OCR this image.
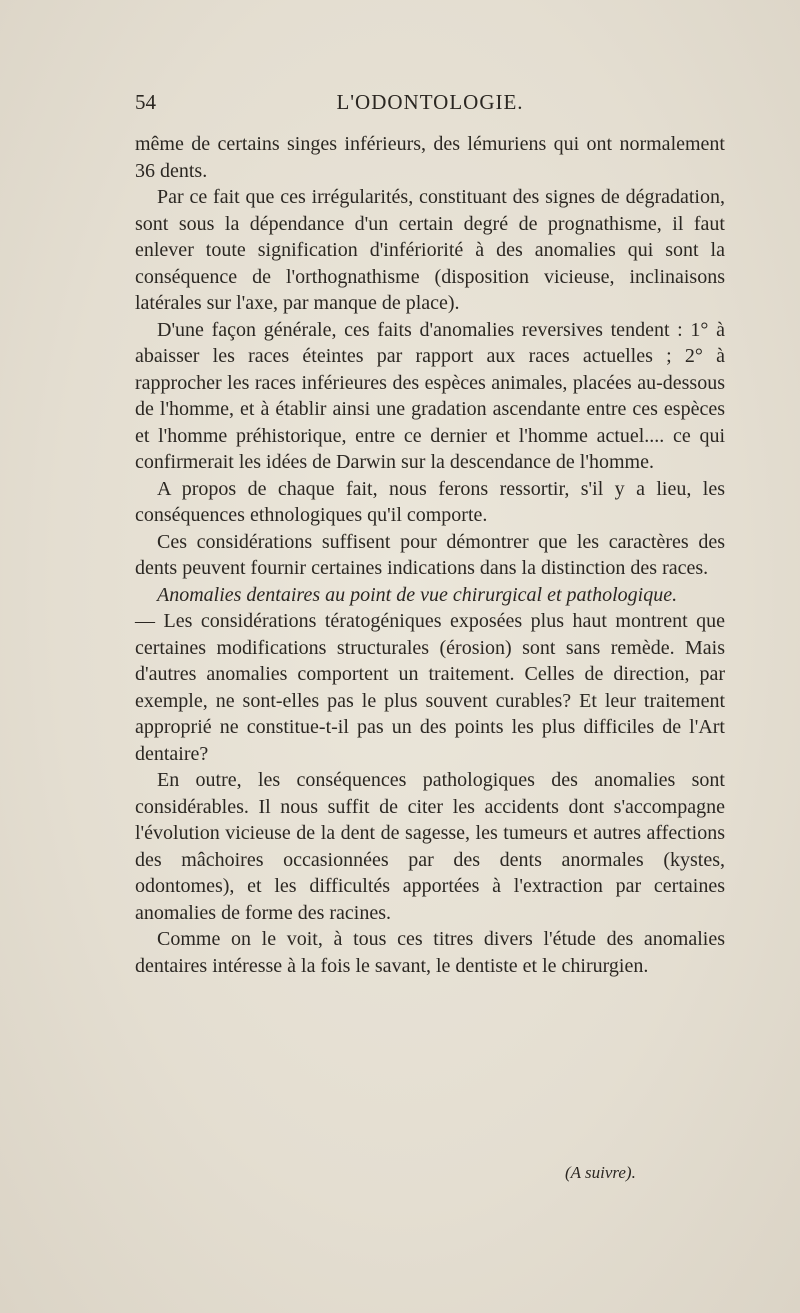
54	L'ODONTOLOGIE.

même de certains singes inférieurs, des lémuriens qui ont normalement 36 dents.

Par ce fait que ces irrégularités, constituant des signes de dégradation, sont sous la dépendance d'un certain degré de prognathisme, il faut enlever toute signification d'infériorité à des anomalies qui sont la conséquence de l'orthognathisme (disposition vicieuse, inclinaisons latérales sur l'axe, par manque de place).

D'une façon générale, ces faits d'anomalies reversives tendent : 1° à abaisser les races éteintes par rapport aux races actuelles ; 2° à rapprocher les races inférieures des espèces animales, placées au-dessous de l'homme, et à établir ainsi une gradation ascendante entre ces espèces et l'homme préhistorique, entre ce dernier et l'homme actuel.... ce qui confirmerait les idées de Darwin sur la descendance de l'homme.

A propos de chaque fait, nous ferons ressortir, s'il y a lieu, les conséquences ethnologiques qu'il comporte.

Ces considérations suffisent pour démontrer que les caractères des dents peuvent fournir certaines indications dans la distinction des races.

Anomalies dentaires au point de vue chirurgical et pathologique.

— Les considérations tératogéniques exposées plus haut montrent que certaines modifications structurales (érosion) sont sans remède. Mais d'autres anomalies comportent un traitement. Celles de direction, par exemple, ne sont-elles pas le plus souvent curables? Et leur traitement approprié ne constitue-t-il pas un des points les plus difficiles de l'Art dentaire?

En outre, les conséquences pathologiques des anomalies sont considérables. Il nous suffit de citer les accidents dont s'accompagne l'évolution vicieuse de la dent de sagesse, les tumeurs et autres affections des mâchoires occasionnées par des dents anormales (kystes, odontomes), et les difficultés apportées à l'extraction par certaines anomalies de forme des racines.

Comme on le voit, à tous ces titres divers l'étude des anomalies dentaires intéresse à la fois le savant, le dentiste et le chirurgien.

(A suivre).
